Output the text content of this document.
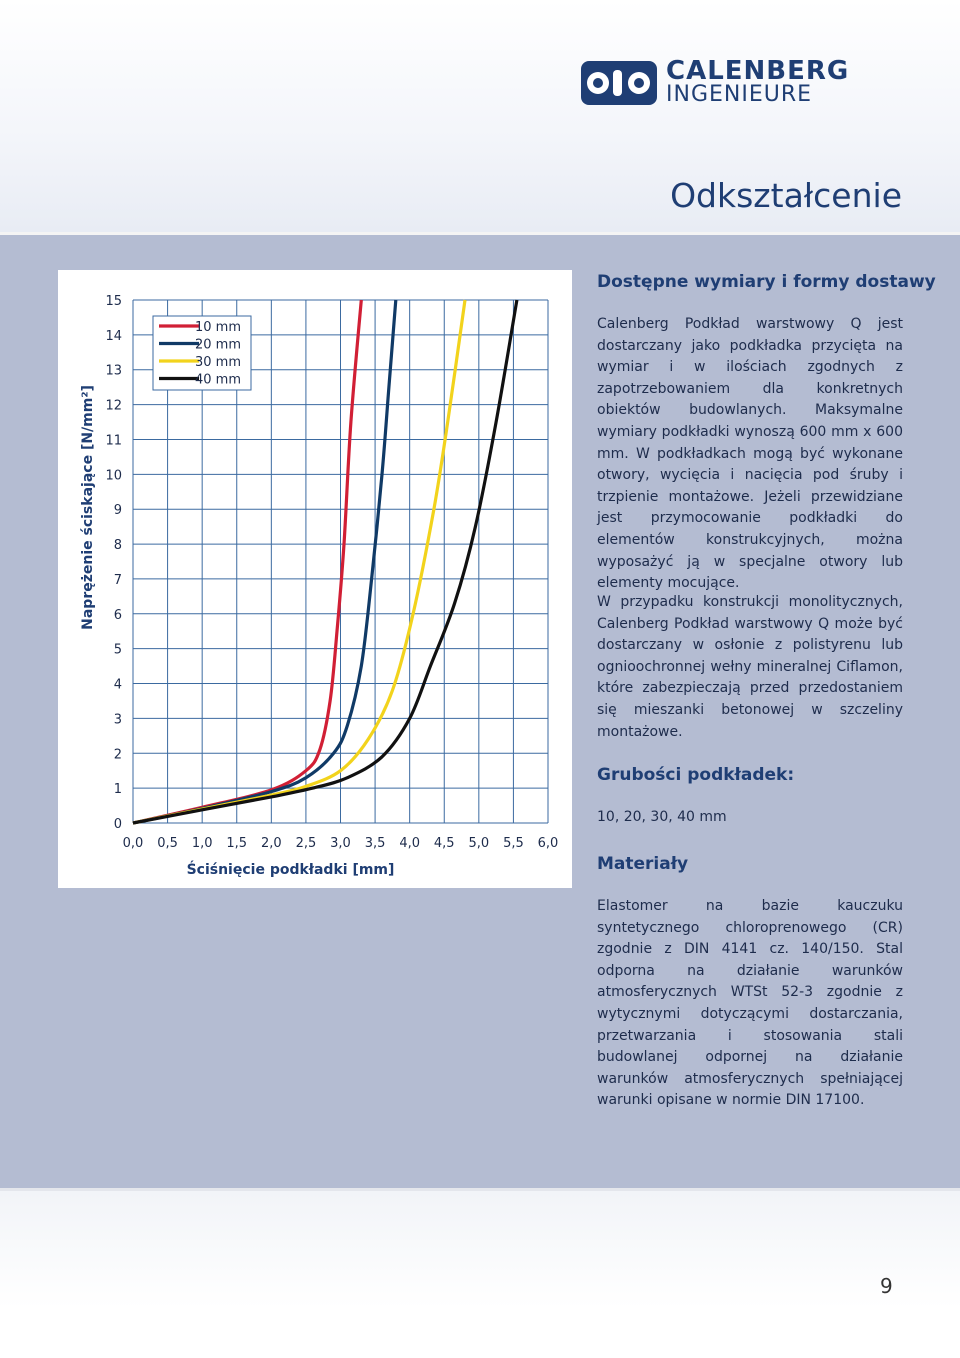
CALENBERG
INGENIEURE
Odkształcenie
0,0 0,5 1,0 1,5 2,0 2,5 3,0 3,5 4,0 4,5 5,0 5,5 6,0
0
1
2
3
4
5
6
7
8
9
10
11
12
13
14
15
10 mm
20 mm
30 mm
40 mm
Ściśnięcie podkładki [mm]
Naprężenie ściskające [N/mm²]

Dostępne wymiary i formy dostawy

Calenberg Podkład warstwowy Q jest dostarczany jako podkładka przycięta na wymiar i w ilościach zgodnych z zapotrzebowaniem dla konkretnych obiektów budowlanych. Maksymalne wymiary podkładki wynoszą 600 mm x 600 mm. W podkładkach mogą być wykonane otwory, wycięcia i nacięcia pod śruby i trzpienie montażowe. Jeżeli przewidziane jest przymocowanie podkładki do elementów konstrukcyjnych, można wyposażyć ją w specjalne otwory lub elementy mocujące.

W przypadku konstrukcji monolitycznych, Calenberg Podkład warstwowy Q może być dostarczany w osłonie z polistyrenu lub ognioochronnej wełny mineralnej Ciflamon, które zabezpieczają przed przedostaniem się mieszanki betonowej w szczeliny montażowe.

Grubości podkładek:

10, 20, 30, 40 mm

Materiały

Elastomer na bazie kauczuku syntetycznego chloroprenowego (CR) zgodnie z DIN 4141 cz. 140/150. Stal odporna na działanie warunków atmosferycznych WTSt 52-3 zgodnie z wytycznymi dotyczącymi dostarczania, przetwarzania i stosowania stali budowlanej odpornej na działanie warunków atmosferycznych spełniającej warunki opisane w normie DIN 17100.

9
